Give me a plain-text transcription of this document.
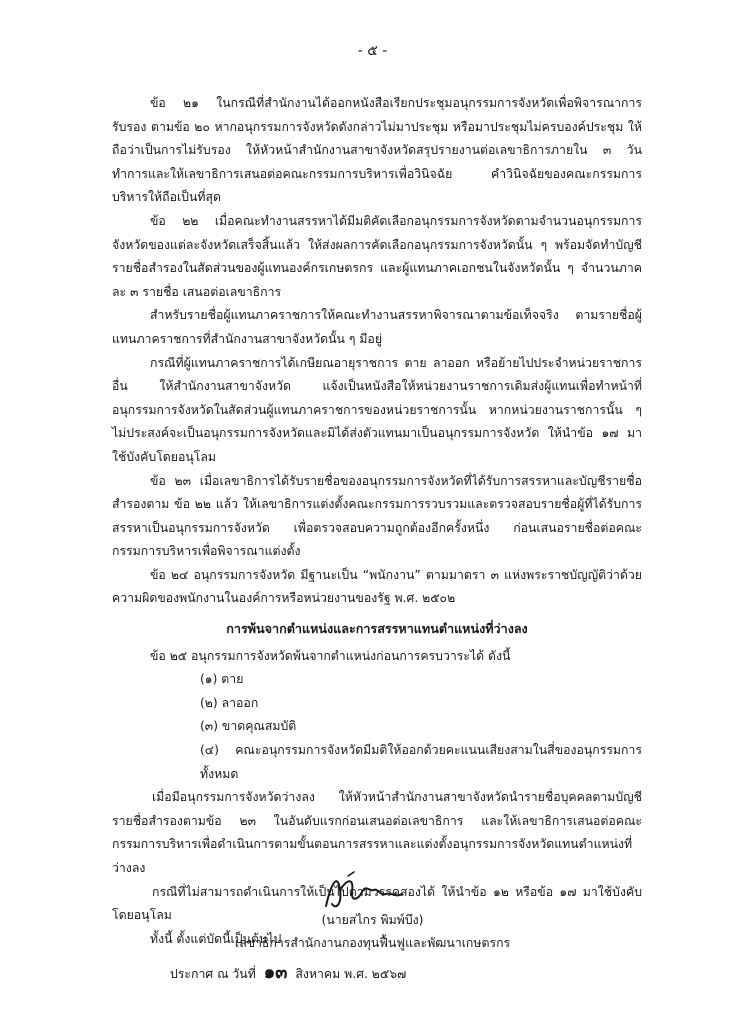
- ๕ -

ข้อ ๒๑ ในกรณีที่สำนักงานได้ออกหนังสือเรียกประชุมอนุกรรมการจังหวัดเพื่อพิจารณาการรับรอง ตามข้อ ๒๐ หากอนุกรรมการจังหวัดดังกล่าวไม่มาประชุม หรือมาประชุมไม่ครบองค์ประชุม ให้ถือว่าเป็นการไม่รับรอง ให้หัวหน้าสำนักงานสาขาจังหวัดสรุปรายงานต่อเลขาธิการภายใน ๓ วันทำการและให้เลขาธิการเสนอต่อคณะกรรมการบริหารเพื่อวินิจฉัย คำวินิจฉัยของคณะกรรมการบริหารให้ถือเป็นที่สุด

ข้อ ๒๒ เมื่อคณะทำงานสรรหาได้มีมติคัดเลือกอนุกรรมการจังหวัดตามจำนวนอนุกรรมการจังหวัดของแต่ละจังหวัดเสร็จสิ้นแล้ว ให้ส่งผลการคัดเลือกอนุกรรมการจังหวัดนั้น ๆ พร้อมจัดทำบัญชีรายชื่อสำรองในสัดส่วนของผู้แทนองค์กรเกษตรกร และผู้แทนภาคเอกชนในจังหวัดนั้น ๆ จำนวนภาคละ ๓ รายชื่อ เสนอต่อเลขาธิการ

สำหรับรายชื่อผู้แทนภาคราชการให้คณะทำงานสรรหาพิจารณาตามข้อเท็จจริง ตามรายชื่อผู้แทนภาคราชการที่สำนักงานสาขาจังหวัดนั้น ๆ มีอยู่

กรณีที่ผู้แทนภาคราชการได้เกษียณอายุราชการ ตาย ลาออก หรือย้ายไปประจำหน่วยราชการอื่น ให้สำนักงานสาขาจังหวัด แจ้งเป็นหนังสือให้หน่วยงานราชการเดิมส่งผู้แทนเพื่อทำหน้าที่อนุกรรมการจังหวัดในสัดส่วนผู้แทนภาคราชการของหน่วยราชการนั้น หากหน่วยงานราชการนั้น ๆ ไม่ประสงค์จะเป็นอนุกรรมการจังหวัดและมิได้ส่งตัวแทนมาเป็นอนุกรรมการจังหวัด ให้นำข้อ ๑๗ มาใช้บังคับโดยอนุโลม

ข้อ ๒๓ เมื่อเลขาธิการได้รับรายชื่อของอนุกรรมการจังหวัดที่ได้รับการสรรหาและบัญชีรายชื่อสำรองตาม ข้อ ๒๒ แล้ว ให้เลขาธิการแต่งตั้งคณะกรรมการรวบรวมและตรวจสอบรายชื่อผู้ที่ได้รับการสรรหาเป็นอนุกรรมการจังหวัด เพื่อตรวจสอบความถูกต้องอีกครั้งหนึ่ง ก่อนเสนอรายชื่อต่อคณะกรรมการบริหารเพื่อพิจารณาแต่งตั้ง

ข้อ ๒๔ อนุกรรมการจังหวัด มีฐานะเป็น “พนักงาน” ตามมาตรา ๓ แห่งพระราชบัญญัติว่าด้วยความผิดของพนักงานในองค์การหรือหน่วยงานของรัฐ พ.ศ. ๒๕๐๒

การพ้นจากตำแหน่งและการสรรหาแทนตำแหน่งที่ว่างลง

ข้อ ๒๕ อนุกรรมการจังหวัดพ้นจากตำแหน่งก่อนการครบวาระได้ ดังนี้

(๑) ตาย

(๒) ลาออก

(๓) ขาดคุณสมบัติ

(๔) คณะอนุกรรมการจังหวัดมีมติให้ออกด้วยคะแนนเสียงสามในสี่ของอนุกรรมการทั้งหมด

เมื่อมีอนุกรรมการจังหวัดว่างลง ให้หัวหน้าสำนักงานสาขาจังหวัดนำรายชื่อบุคคลตามบัญชีรายชื่อสำรองตามข้อ ๒๓ ในอันดับแรกก่อนเสนอต่อเลขาธิการ และให้เลขาธิการเสนอต่อคณะกรรมการบริหารเพื่อดำเนินการตามขั้นตอนการสรรหาและแต่งตั้งอนุกรรมการจังหวัดแทนตำแหน่งที่ว่างลง

กรณีที่ไม่สามารถดำเนินการให้เป็นไปตามวรรคสองได้ ให้นำข้อ ๑๒ หรือข้อ ๑๗ มาใช้บังคับโดยอนุโลม

ทั้งนี้ ตั้งแต่บัดนี้เป็นต้นไป

ประกาศ ณ วันที่ ๑๓ สิงหาคม พ.ศ. ๒๕๖๗

(นายสไกร พิมพ์บึง)
เลขาธิการสำนักงานกองทุนฟื้นฟูและพัฒนาเกษตรกร
